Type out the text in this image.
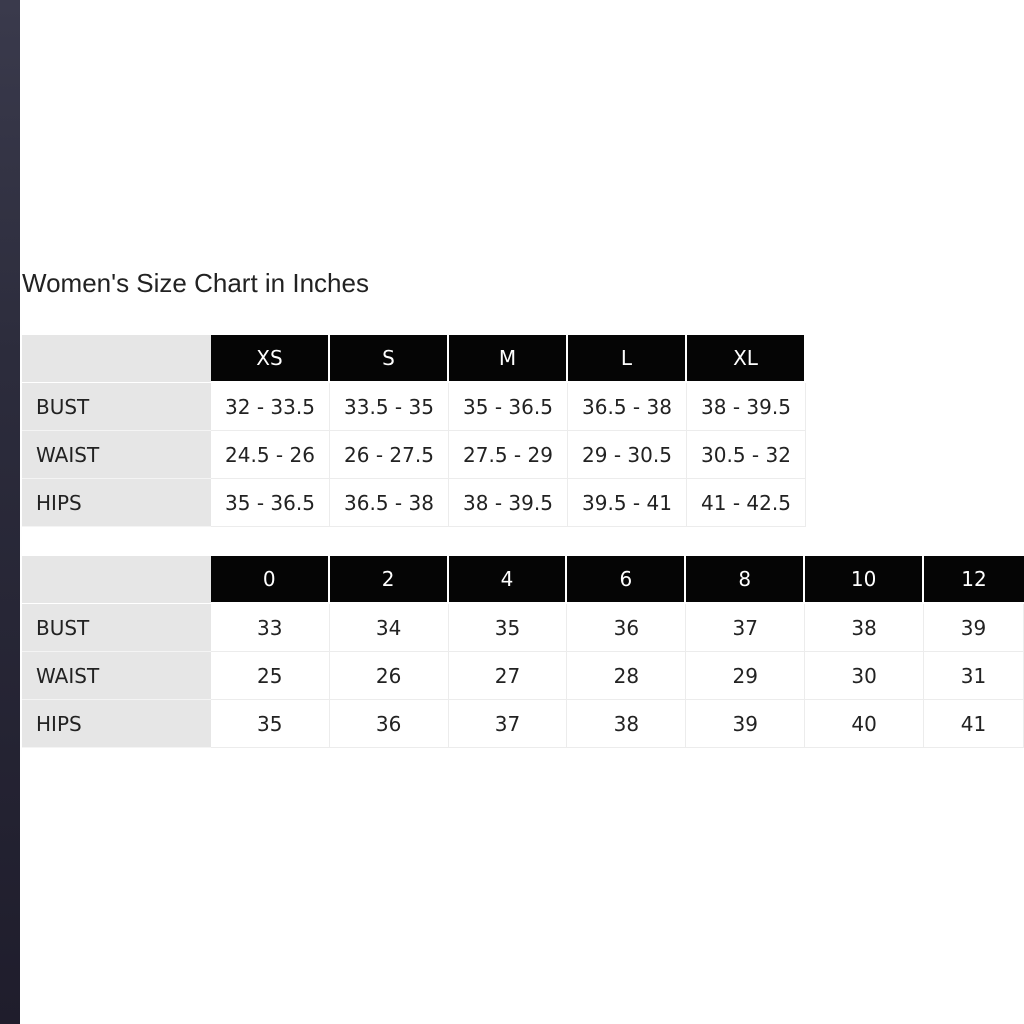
Women's Size Chart in Inches
	XS	S	M	L	XL
BUST	32 - 33.5	33.5 - 35	35 - 36.5	36.5 - 38	38 - 39.5
WAIST	24.5 - 26	26 - 27.5	27.5 - 29	29 - 30.5	30.5 - 32
HIPS	35 - 36.5	36.5 - 38	38 - 39.5	39.5 - 41	41 - 42.5
	0	2	4	6	8	10	12
BUST	33	34	35	36	37	38	39
WAIST	25	26	27	28	29	30	31
HIPS	35	36	37	38	39	40	41
